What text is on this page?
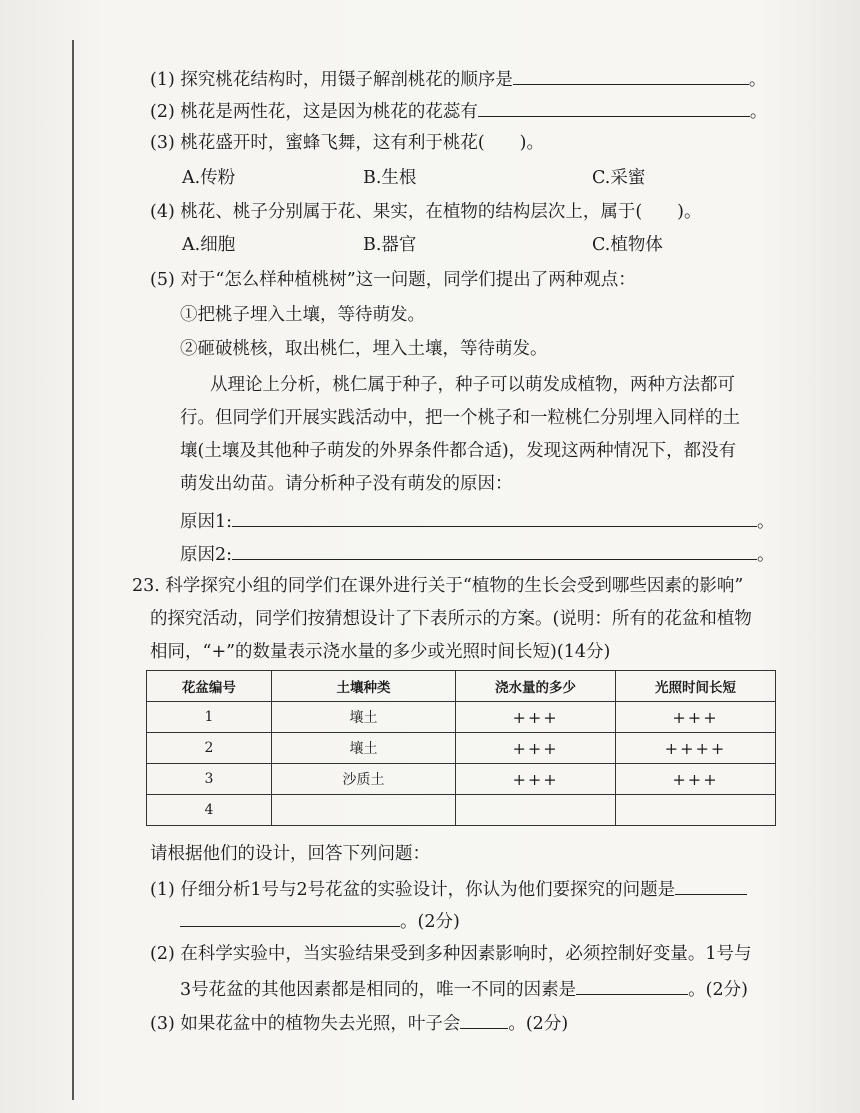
(1) 探究桃花结构时，用镊子解剖桃花的顺序是	。
(2) 桃花是两性花，这是因为桃花的花蕊有	。
(3) 桃花盛开时，蜜蜂飞舞，这有利于桃花(　　)。
A.传粉	B.生根	C.采蜜
(4) 桃花、桃子分别属于花、果实，在植物的结构层次上，属于(　　)。
A.细胞	B.器官	C.植物体
(5) 对于“怎么样种植桃树”这一问题，同学们提出了两种观点：
①把桃子埋入土壤，等待萌发。
②砸破桃核，取出桃仁，埋入土壤，等待萌发。
从理论上分析，桃仁属于种子，种子可以萌发成植物，两种方法都可
行。但同学们开展实践活动中，把一个桃子和一粒桃仁分别埋入同样的土
壤(土壤及其他种子萌发的外界条件都合适)，发现这两种情况下，都没有
萌发出幼苗。请分析种子没有萌发的原因：
原因1:	。
原因2:	。
23. 科学探究小组的同学们在课外进行关于“植物的生长会受到哪些因素的影响”
的探究活动，同学们按猜想设计了下表所示的方案。(说明：所有的花盆和植物
相同，“+”的数量表示浇水量的多少或光照时间长短)(14分)
花盆编号	土壤种类	浇水量的多少	光照时间长短
1	壤土	+++	+++
2	壤土	+++	++++
3	沙质土	+++	+++
4			
请根据他们的设计，回答下列问题：
(1) 仔细分析1号与2号花盆的实验设计，你认为他们要探究的问题是
。(2分)
(2) 在科学实验中，当实验结果受到多种因素影响时，必须控制好变量。1号与
3号花盆的其他因素都是相同的，唯一不同的因素是	。(2分)
(3) 如果花盆中的植物失去光照，叶子会	。(2分)
